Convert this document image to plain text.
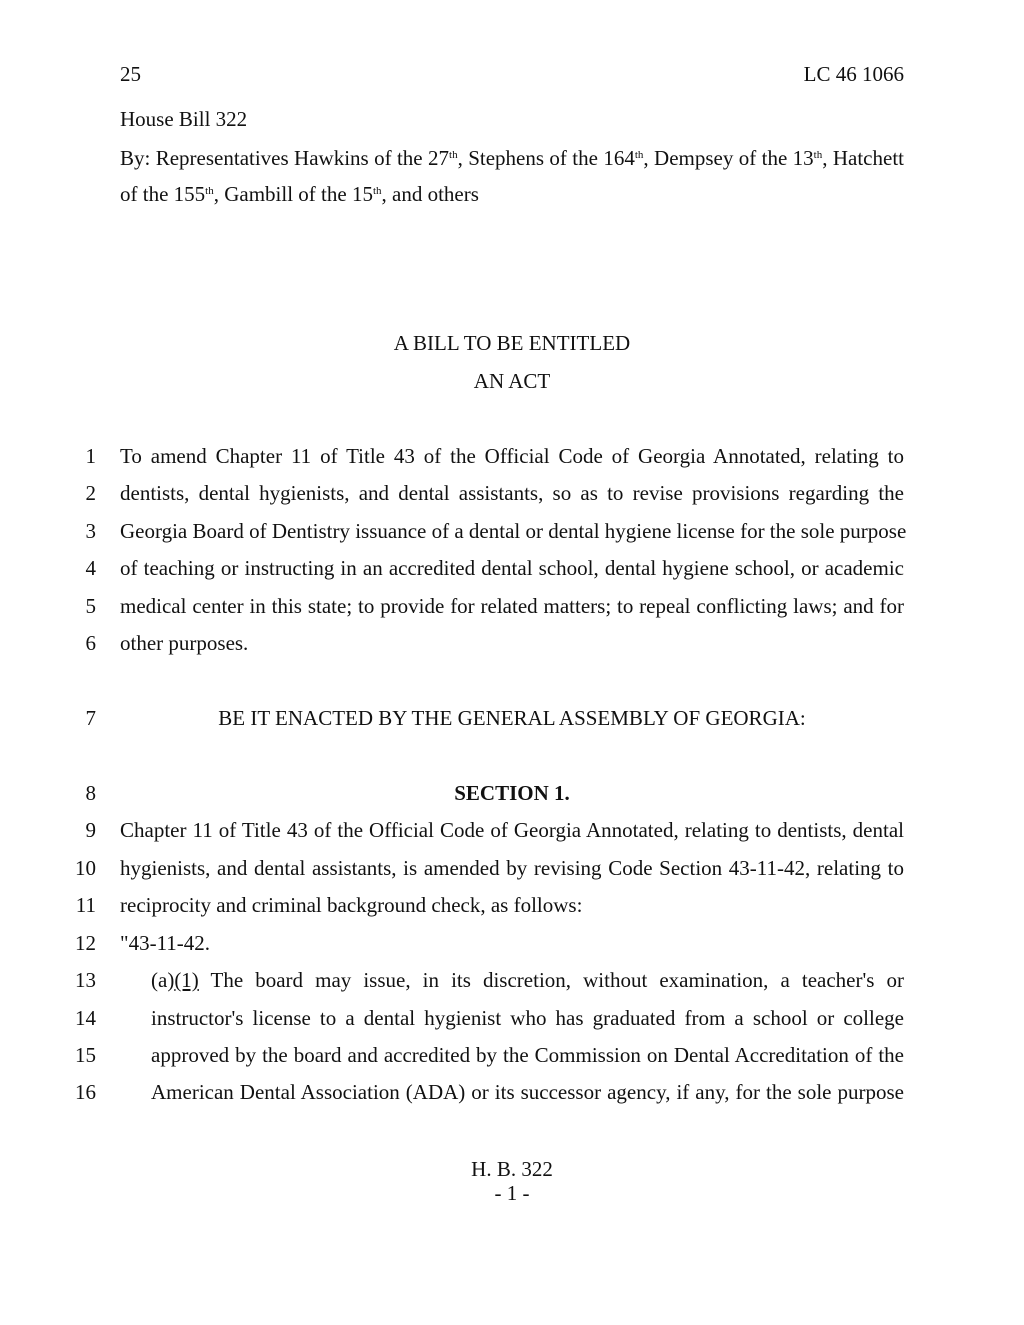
25	LC 46 1066
House Bill 322
By: Representatives Hawkins of the 27th, Stephens of the 164th, Dempsey of the 13th, Hatchett
of the 155th, Gambill of the 15th, and others
A BILL TO BE ENTITLED
AN ACT
1 To amend Chapter 11 of Title 43 of the Official Code of Georgia Annotated, relating to
2 dentists, dental hygienists, and dental assistants, so as to revise provisions regarding the
3 Georgia Board of Dentistry issuance of a dental or dental hygiene license for the sole purpose
4 of teaching or instructing in an accredited dental school, dental hygiene school, or academic
5 medical center in this state; to provide for related matters; to repeal conflicting laws; and for
6 other purposes.
7	BE IT ENACTED BY THE GENERAL ASSEMBLY OF GEORGIA:
8	SECTION 1.
9 Chapter 11 of Title 43 of the Official Code of Georgia Annotated, relating to dentists, dental
10 hygienists, and dental assistants, is amended by revising Code Section 43-11-42, relating to
11 reciprocity and criminal background check, as follows:
12 "43-11-42.
13	(a)(1) The board may issue, in its discretion, without examination, a teacher's or
14	instructor's license to a dental hygienist who has graduated from a school or college
15	approved by the board and accredited by the Commission on Dental Accreditation of the
16	American Dental Association (ADA) or its successor agency, if any, for the sole purpose
H. B. 322
- 1 -
